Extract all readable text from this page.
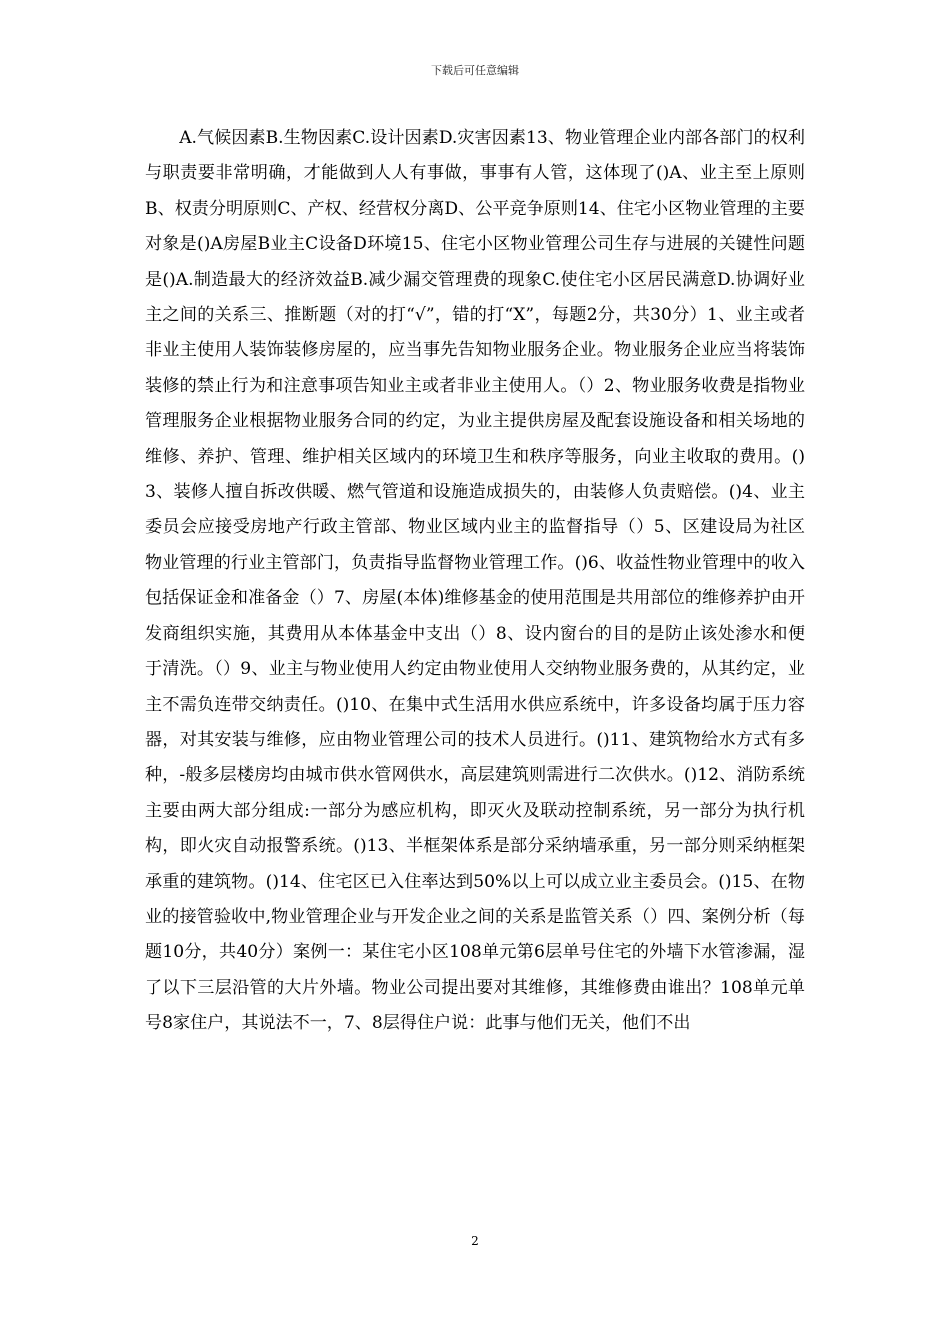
下载后可任意编辑

A.气候因素B.生物因素C.设计因素D.灾害因素13、物业管理企业内部各部门的权利与职责要非常明确，才能做到人人有事做，事事有人管，这体现了()A、业主至上原则B、权责分明原则C、产权、经营权分离D、公平竞争原则14、住宅小区物业管理的主要对象是()A房屋B业主C设备D环境15、住宅小区物业管理公司生存与进展的关键性问题是()A.制造最大的经济效益B.减少漏交管理费的现象C.使住宅小区居民满意D.协调好业主之间的关系三、推断题（对的打“√”，错的打“X”，每题2分，共30分）1、业主或者非业主使用人装饰装修房屋的，应当事先告知物业服务企业。物业服务企业应当将装饰装修的禁止行为和注意事项告知业主或者非业主使用人。（）2、物业服务收费是指物业管理服务企业根据物业服务合同的约定，为业主提供房屋及配套设施设备和相关场地的维修、养护、管理、维护相关区域内的环境卫生和秩序等服务，向业主收取的费用。()3、装修人擅自拆改供暖、燃气管道和设施造成损失的，由装修人负责赔偿。()4、业主委员会应接受房地产行政主管部、物业区域内业主的监督指导（）5、区建设局为社区物业管理的行业主管部门，负责指导监督物业管理工作。()6、收益性物业管理中的收入包括保证金和准备金（）7、房屋(本体)维修基金的使用范围是共用部位的维修养护由开发商组织实施，其费用从本体基金中支出（）8、设内窗台的目的是防止该处渗水和便于清洗。（）9、业主与物业使用人约定由物业使用人交纳物业服务费的，从其约定，业主不需负连带交纳责任。()10、在集中式生活用水供应系统中，许多设备均属于压力容器，对其安装与维修，应由物业管理公司的技术人员进行。()11、建筑物给水方式有多种，-般多层楼房均由城市供水管网供水，高层建筑则需进行二次供水。()12、消防系统主要由两大部分组成:一部分为感应机构，即灭火及联动控制系统，另一部分为执行机构，即火灾自动报警系统。()13、半框架体系是部分采纳墙承重，另一部分则采纳框架承重的建筑物。()14、住宅区已入住率达到50%以上可以成立业主委员会。()15、在物业的接管验收中,物业管理企业与开发企业之间的关系是监管关系（）四、案例分析（每题10分，共40分）案例一：某住宅小区108单元第6层单号住宅的外墙下水管渗漏，湿了以下三层沿管的大片外墙。物业公司提出要对其维修，其维修费由谁出？108单元单号8家住户，其说法不一，7、8层得住户说：此事与他们无关，他们不出

2
